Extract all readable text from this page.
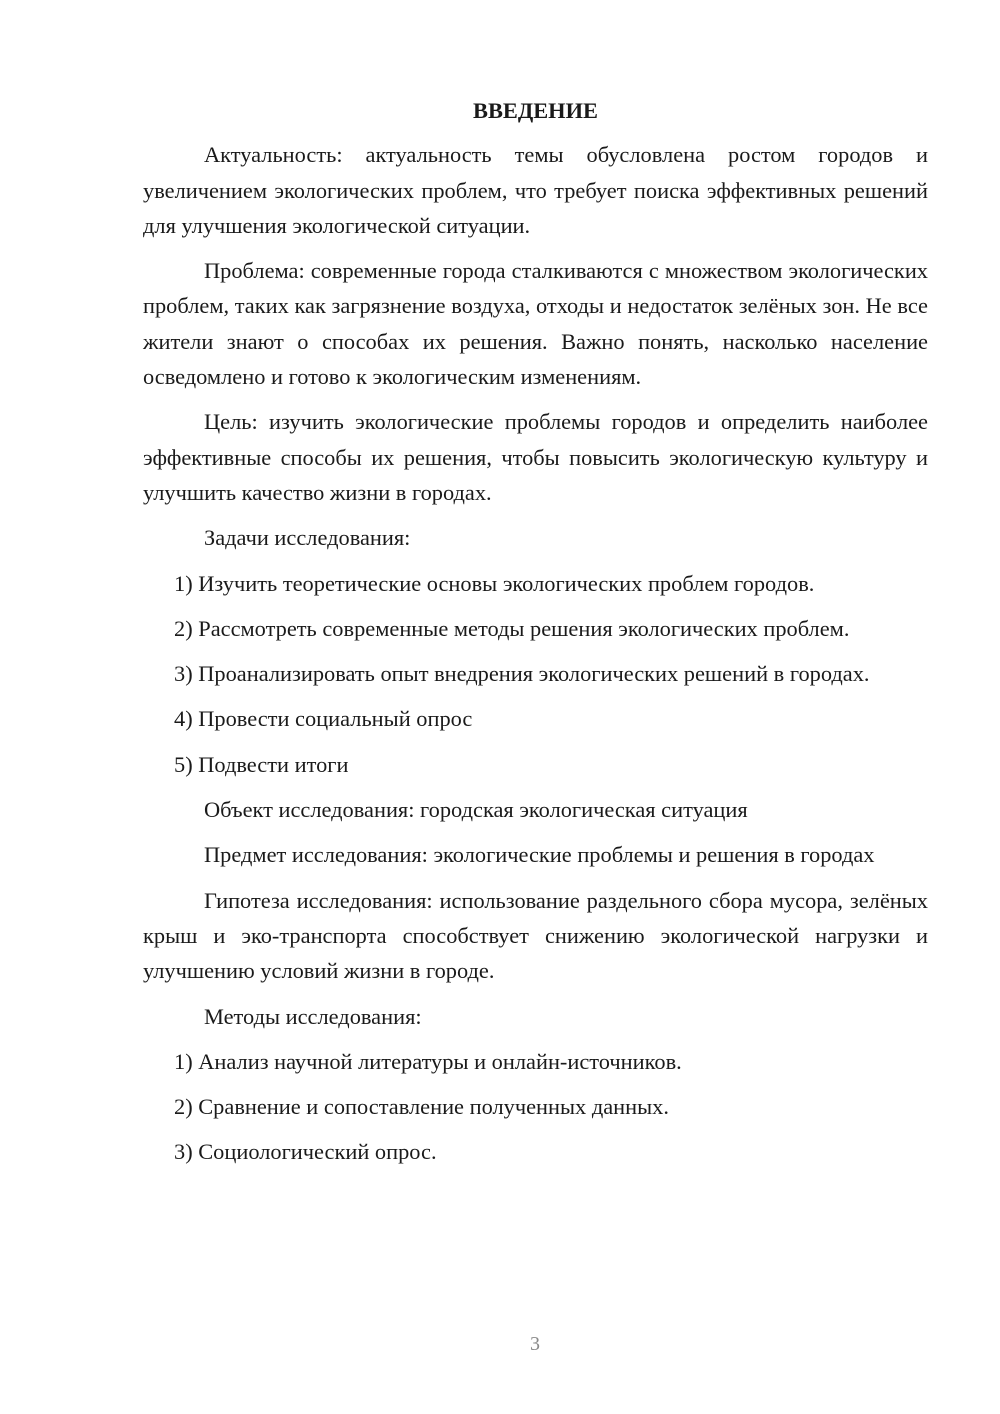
ВВЕДЕНИЕ
Актуальность: актуальность темы обусловлена ростом городов и увеличением экологических проблем, что требует поиска эффективных решений для улучшения экологической ситуации.
Проблема: современные города сталкиваются с множеством экологических проблем, таких как загрязнение воздуха, отходы и недостаток зелёных зон. Не все жители знают о способах их решения. Важно понять, насколько население осведомлено и готово к экологическим изменениям.
Цель: изучить экологические проблемы городов и определить наиболее эффективные способы их решения, чтобы повысить экологическую культуру и улучшить качество жизни в городах.
Задачи исследования:
1) Изучить теоретические основы экологических проблем городов.
2) Рассмотреть современные методы решения экологических проблем.
3) Проанализировать опыт внедрения экологических решений в городах.
4) Провести социальный опрос
5) Подвести итоги
Объект исследования: городская экологическая ситуация
Предмет исследования: экологические проблемы и решения в городах
Гипотеза исследования: использование раздельного сбора мусора, зелёных крыш и эко-транспорта способствует снижению экологической нагрузки и улучшению условий жизни в городе.
Методы исследования:
1) Анализ научной литературы и онлайн-источников.
2) Сравнение и сопоставление полученных данных.
3) Социологический опрос.
3
